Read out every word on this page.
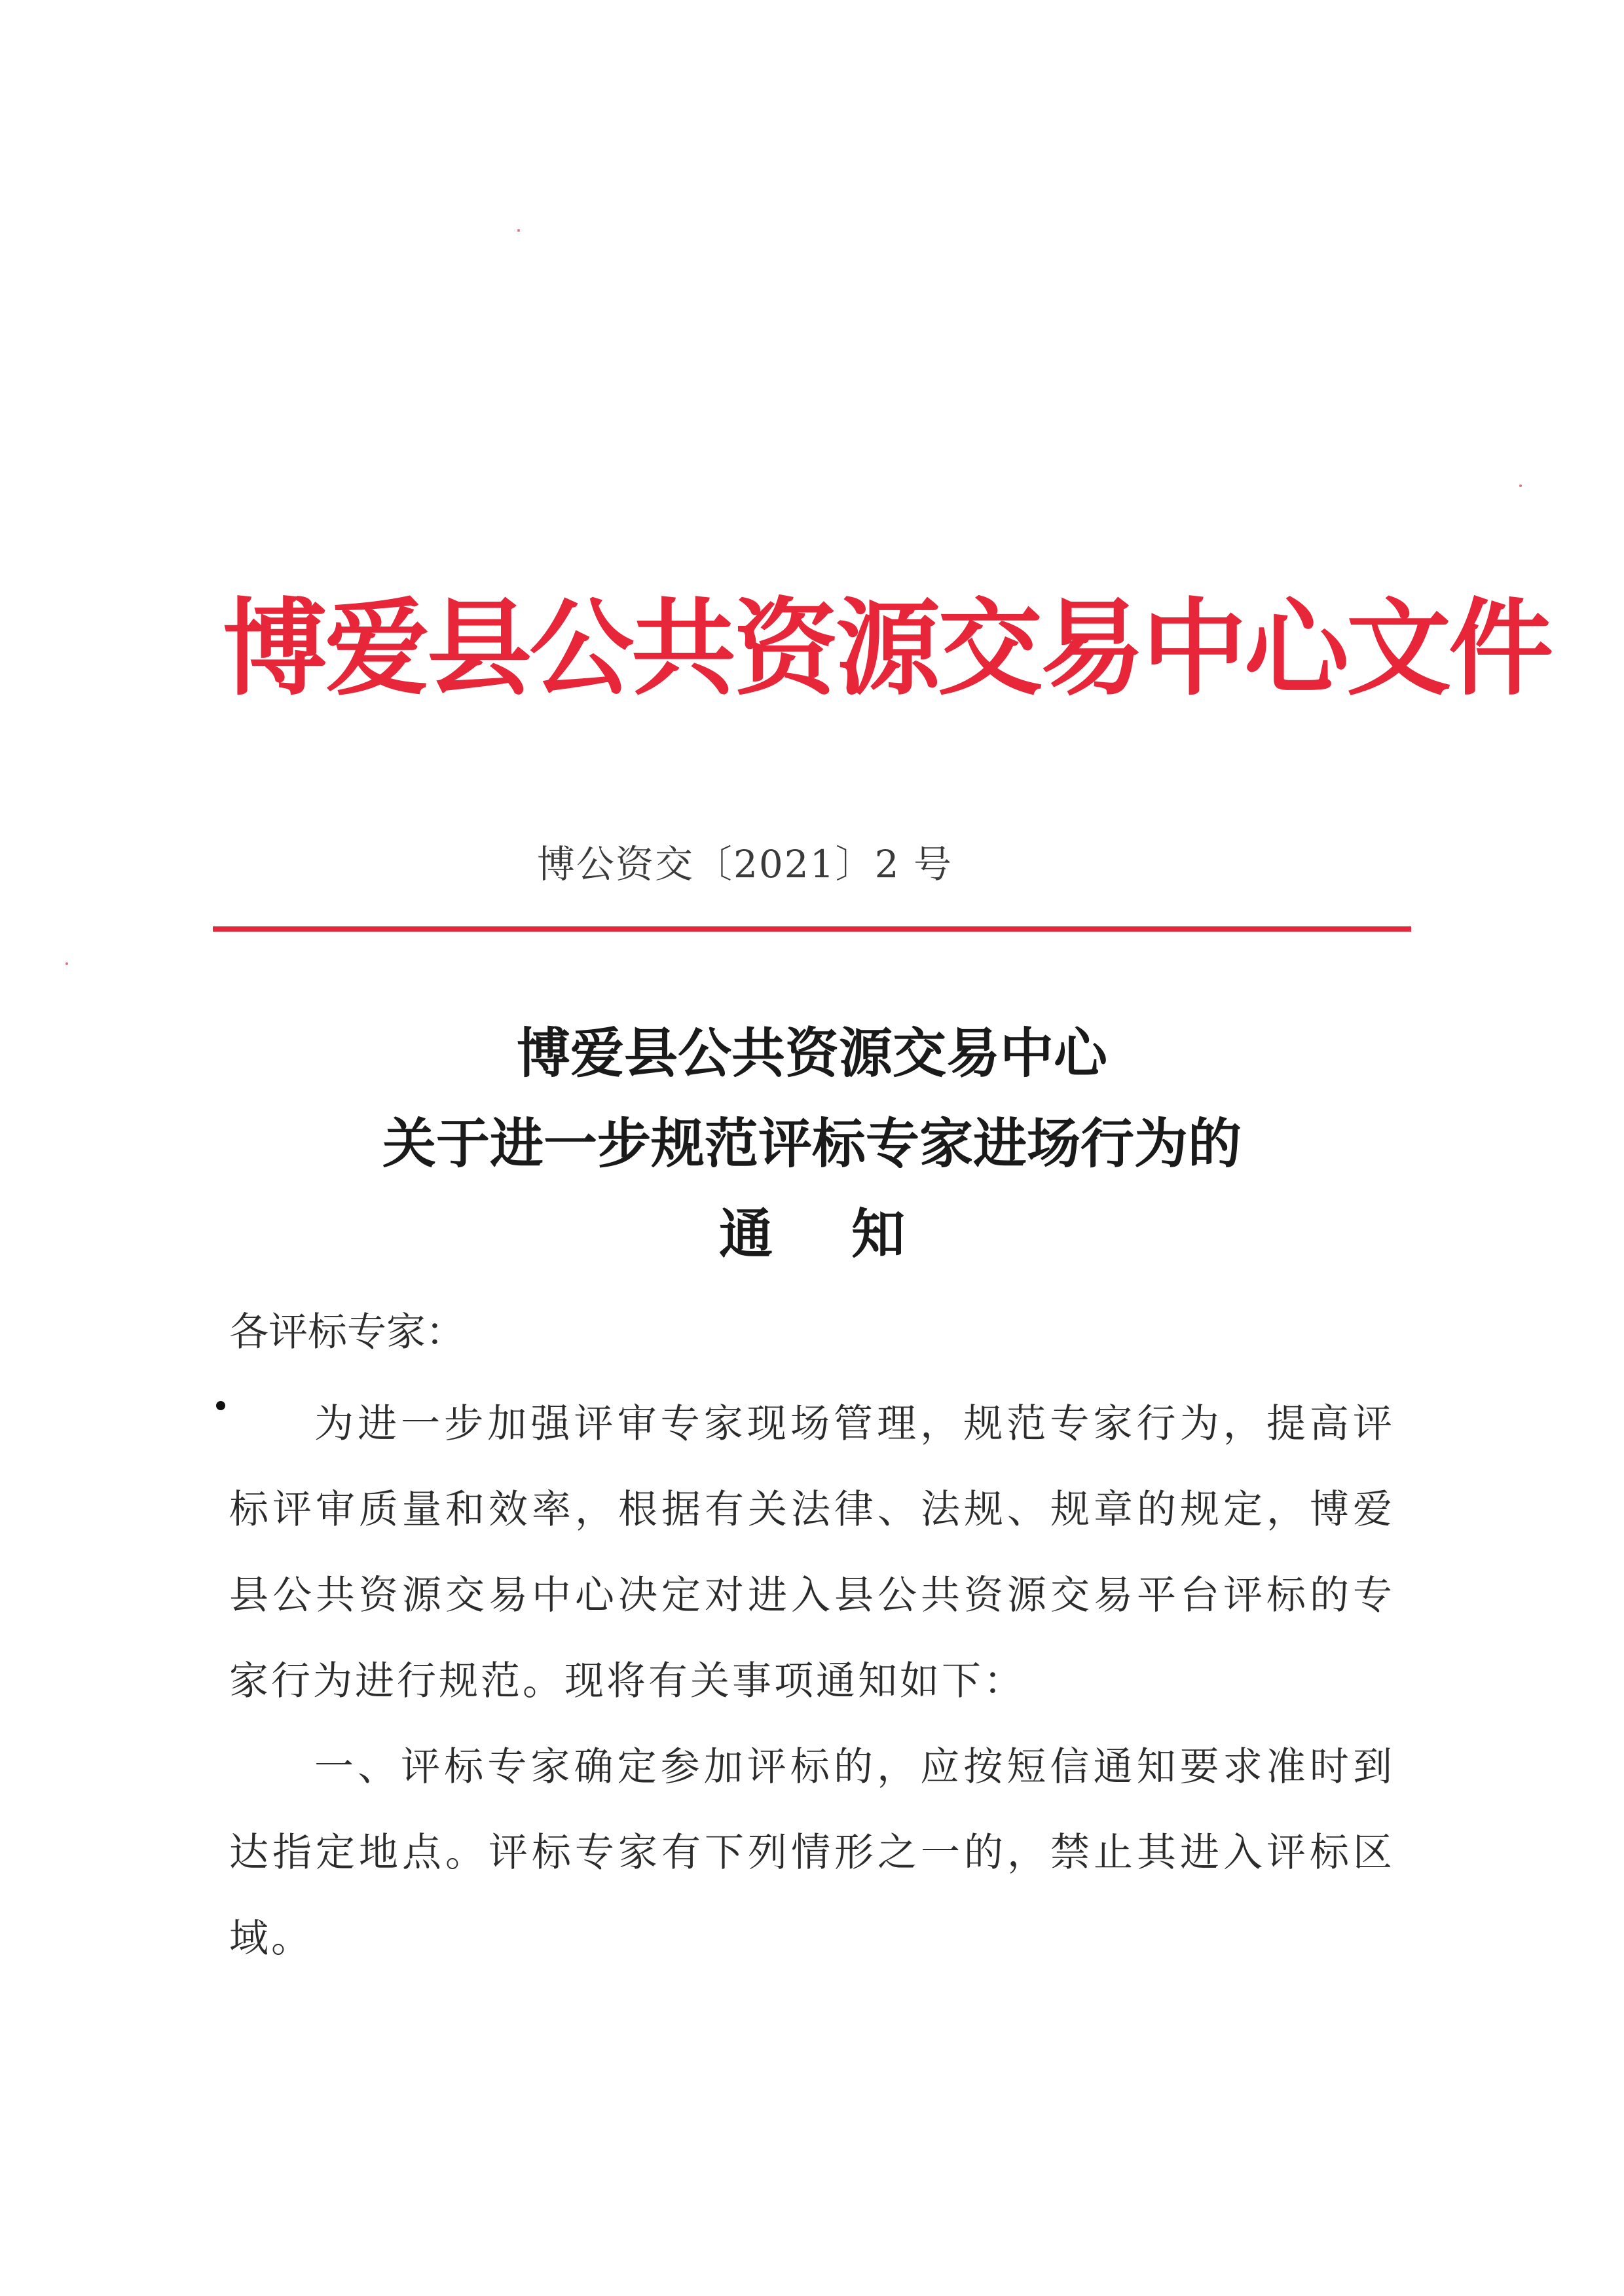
博爱县公共资源交易中心文件
博公资交〔2021〕2 号
博爱县公共资源交易中心
关于进一步规范评标专家进场行为的
通知
各评标专家：

为进一步加强评审专家现场管理，规范专家行为，提高评标评审质量和效率，根据有关法律、法规、规章的规定，博爱县公共资源交易中心决定对进入县公共资源交易平台评标的专家行为进行规范。现将有关事项通知如下：

一、评标专家确定参加评标的，应按短信通知要求准时到达指定地点。评标专家有下列情形之一的，禁止其进入评标区域。
